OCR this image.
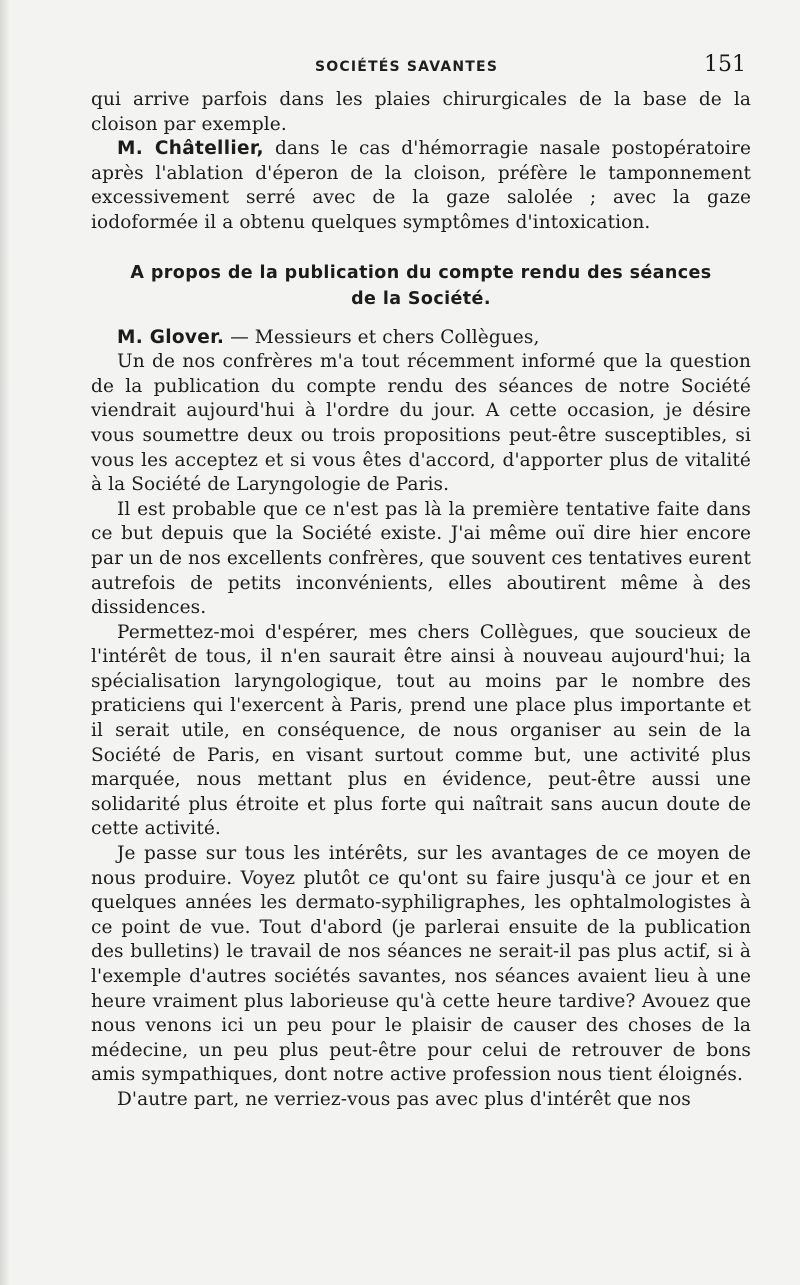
SOCIÉTÉS SAVANTES	151

qui arrive parfois dans les plaies chirurgicales de la base de la cloison par exemple.

M. Châtellier, dans le cas d'hémorragie nasale postopératoire après l'ablation d'éperon de la cloison, préfère le tamponnement excessivement serré avec de la gaze salolée ; avec la gaze iodoformée il a obtenu quelques symptômes d'intoxication.

A propos de la publication du compte rendu des séances
de la Société.

M. Glover. — Messieurs et chers Collègues,

Un de nos confrères m'a tout récemment informé que la question de la publication du compte rendu des séances de notre Société viendrait aujourd'hui à l'ordre du jour. A cette occasion, je désire vous soumettre deux ou trois propositions peut-être susceptibles, si vous les acceptez et si vous êtes d'accord, d'apporter plus de vitalité à la Société de Laryngologie de Paris.

Il est probable que ce n'est pas là la première tentative faite dans ce but depuis que la Société existe. J'ai même ouï dire hier encore par un de nos excellents confrères, que souvent ces tentatives eurent autrefois de petits inconvénients, elles aboutirent même à des dissidences.

Permettez-moi d'espérer, mes chers Collègues, que soucieux de l'intérêt de tous, il n'en saurait être ainsi à nouveau aujourd'hui; la spécialisation laryngologique, tout au moins par le nombre des praticiens qui l'exercent à Paris, prend une place plus importante et il serait utile, en conséquence, de nous organiser au sein de la Société de Paris, en visant surtout comme but, une activité plus marquée, nous mettant plus en évidence, peut-être aussi une solidarité plus étroite et plus forte qui naîtrait sans aucun doute de cette activité.

Je passe sur tous les intérêts, sur les avantages de ce moyen de nous produire. Voyez plutôt ce qu'ont su faire jusqu'à ce jour et en quelques années les dermato-syphiligraphes, les ophtalmologistes à ce point de vue. Tout d'abord (je parlerai ensuite de la publication des bulletins) le travail de nos séances ne serait-il pas plus actif, si à l'exemple d'autres sociétés savantes, nos séances avaient lieu à une heure vraiment plus laborieuse qu'à cette heure tardive? Avouez que nous venons ici un peu pour le plaisir de causer des choses de la médecine, un peu plus peut-être pour celui de retrouver de bons amis sympathiques, dont notre active profession nous tient éloignés.

D'autre part, ne verriez-vous pas avec plus d'intérêt que nos
